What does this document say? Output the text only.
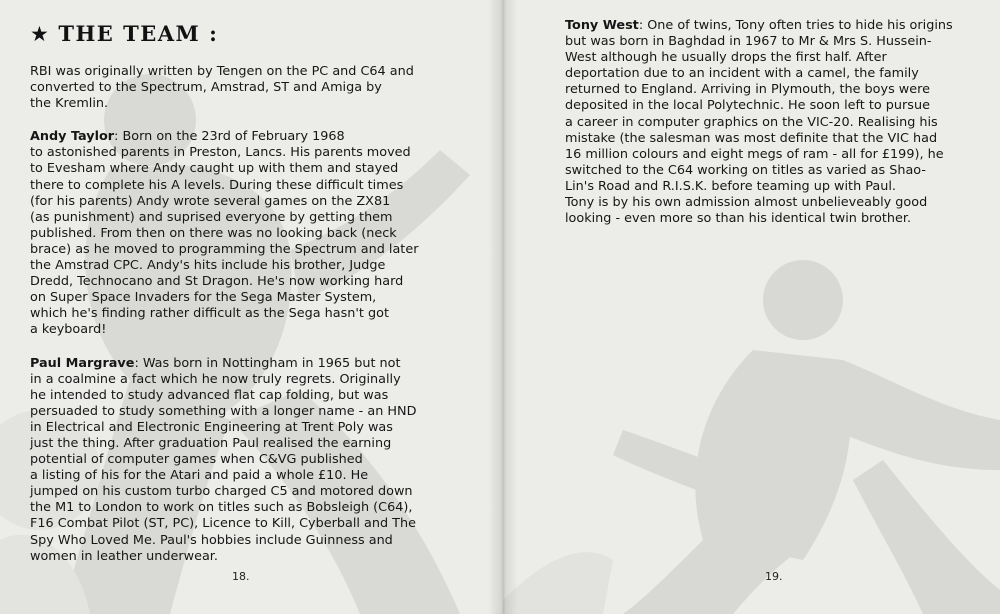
★ THE TEAM :
RBI was originally written by Tengen on the PC and C64 and
converted to the Spectrum, Amstrad, ST and Amiga by
the Kremlin.
Andy Taylor: Born on the 23rd of February 1968
to astonished parents in Preston, Lancs. His parents moved
to Evesham where Andy caught up with them and stayed
there to complete his A levels. During these difficult times
(for his parents) Andy wrote several games on the ZX81
(as punishment) and suprised everyone by getting them
published. From then on there was no looking back (neck
brace) as he moved to programming the Spectrum and later
the Amstrad CPC. Andy's hits include his brother, Judge
Dredd, Technocano and St Dragon. He's now working hard
on Super Space Invaders for the Sega Master System,
which he's finding rather difficult as the Sega hasn't got
a keyboard!
Paul Margrave: Was born in Nottingham in 1965 but not
in a coalmine a fact which he now truly regrets. Originally
he intended to study advanced flat cap folding, but was
persuaded to study something with a longer name - an HND
in Electrical and Electronic Engineering at Trent Poly was
just the thing. After graduation Paul realised the earning
potential of computer games when C&VG published
a listing of his for the Atari and paid a whole £10. He
jumped on his custom turbo charged C5 and motored down
the M1 to London to work on titles such as Bobsleigh (C64),
F16 Combat Pilot (ST, PC), Licence to Kill, Cyberball and The
Spy Who Loved Me. Paul's hobbies include Guinness and
women in leather underwear.
18.
Tony West: One of twins, Tony often tries to hide his origins
but was born in Baghdad in 1967 to Mr & Mrs S. Hussein-
West although he usually drops the first half. After
deportation due to an incident with a camel, the family
returned to England. Arriving in Plymouth, the boys were
deposited in the local Polytechnic. He soon left to pursue
a career in computer graphics on the VIC-20. Realising his
mistake (the salesman was most definite that the VIC had
16 million colours and eight megs of ram - all for £199), he
switched to the C64 working on titles as varied as Shao-
Lin's Road and R.I.S.K. before teaming up with Paul.
Tony is by his own admission almost unbelieveably good
looking - even more so than his identical twin brother.
19.
